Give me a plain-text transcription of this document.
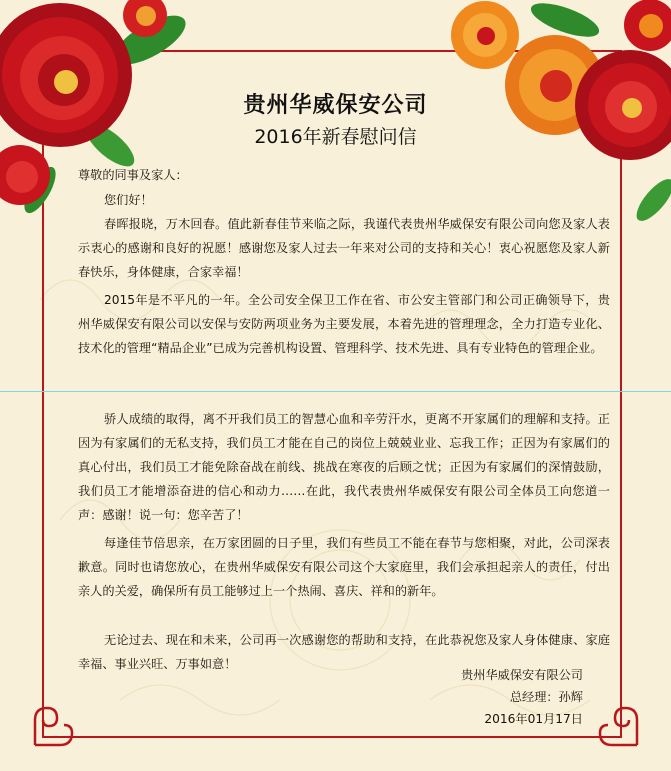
贵州华威保安公司
2016年新春慰问信

尊敬的同事及家人：

您们好！

春晖报晓，万木回春。值此新春佳节来临之际，我谨代表贵州华威保安有限公司向您及家人表示衷心的感谢和良好的祝愿！感谢您及家人过去一年来对公司的支持和关心！衷心祝愿您及家人新春快乐，身体健康，合家幸福！

2015年是不平凡的一年。全公司安全保卫工作在省、市公安主管部门和公司正确领导下，贵州华威保安有限公司以安保与安防两项业务为主要发展，本着先进的管理理念，全力打造专业化、技术化的管理“精品企业”已成为完善机构设置、管理科学、技术先进、具有专业特色的管理企业。

骄人成绩的取得，离不开我们员工的智慧心血和辛劳汗水，更离不开家属们的理解和支持。正因为有家属们的无私支持，我们员工才能在自己的岗位上兢兢业业、忘我工作；正因为有家属们的真心付出，我们员工才能免除奋战在前线、挑战在寒夜的后顾之忧；正因为有家属们的深情鼓励，我们员工才能增添奋进的信心和动力……在此，我代表贵州华威保安有限公司全体员工向您道一声：感谢！说一句：您辛苦了！

每逢佳节倍思亲，在万家团圆的日子里，我们有些员工不能在春节与您相聚，对此，公司深表歉意。同时也请您放心，在贵州华威保安有限公司这个大家庭里，我们会承担起亲人的责任，付出亲人的关爱，确保所有员工能够过上一个热闹、喜庆、祥和的新年。

无论过去、现在和未来，公司再一次感谢您的帮助和支持，在此恭祝您及家人身体健康、家庭幸福、事业兴旺、万事如意！

贵州华威保安有限公司
总经理：孙辉
2016年01月17日
